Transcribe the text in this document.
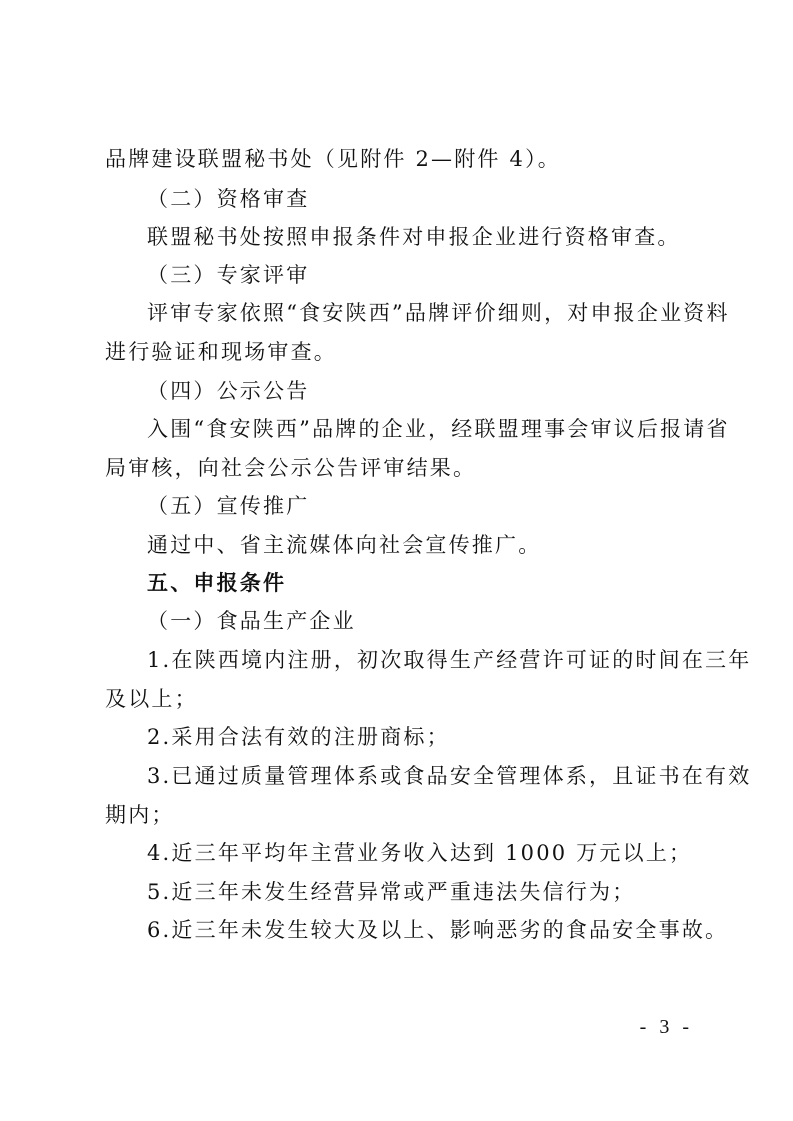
品牌建设联盟秘书处（见附件 2—附件 4）。
（二）资格审查
联盟秘书处按照申报条件对申报企业进行资格审查。
（三）专家评审
评审专家依照“食安陕西”品牌评价细则，对申报企业资料
进行验证和现场审查。
（四）公示公告
入围“食安陕西”品牌的企业，经联盟理事会审议后报请省
局审核，向社会公示公告评审结果。
（五）宣传推广
通过中、省主流媒体向社会宣传推广。
五、申报条件
（一）食品生产企业
1.在陕西境内注册，初次取得生产经营许可证的时间在三年
及以上；
2.采用合法有效的注册商标；
3.已通过质量管理体系或食品安全管理体系，且证书在有效
期内；
4.近三年平均年主营业务收入达到 1000 万元以上；
5.近三年未发生经营异常或严重违法失信行为；
6.近三年未发生较大及以上、影响恶劣的食品安全事故。
- 3 -
